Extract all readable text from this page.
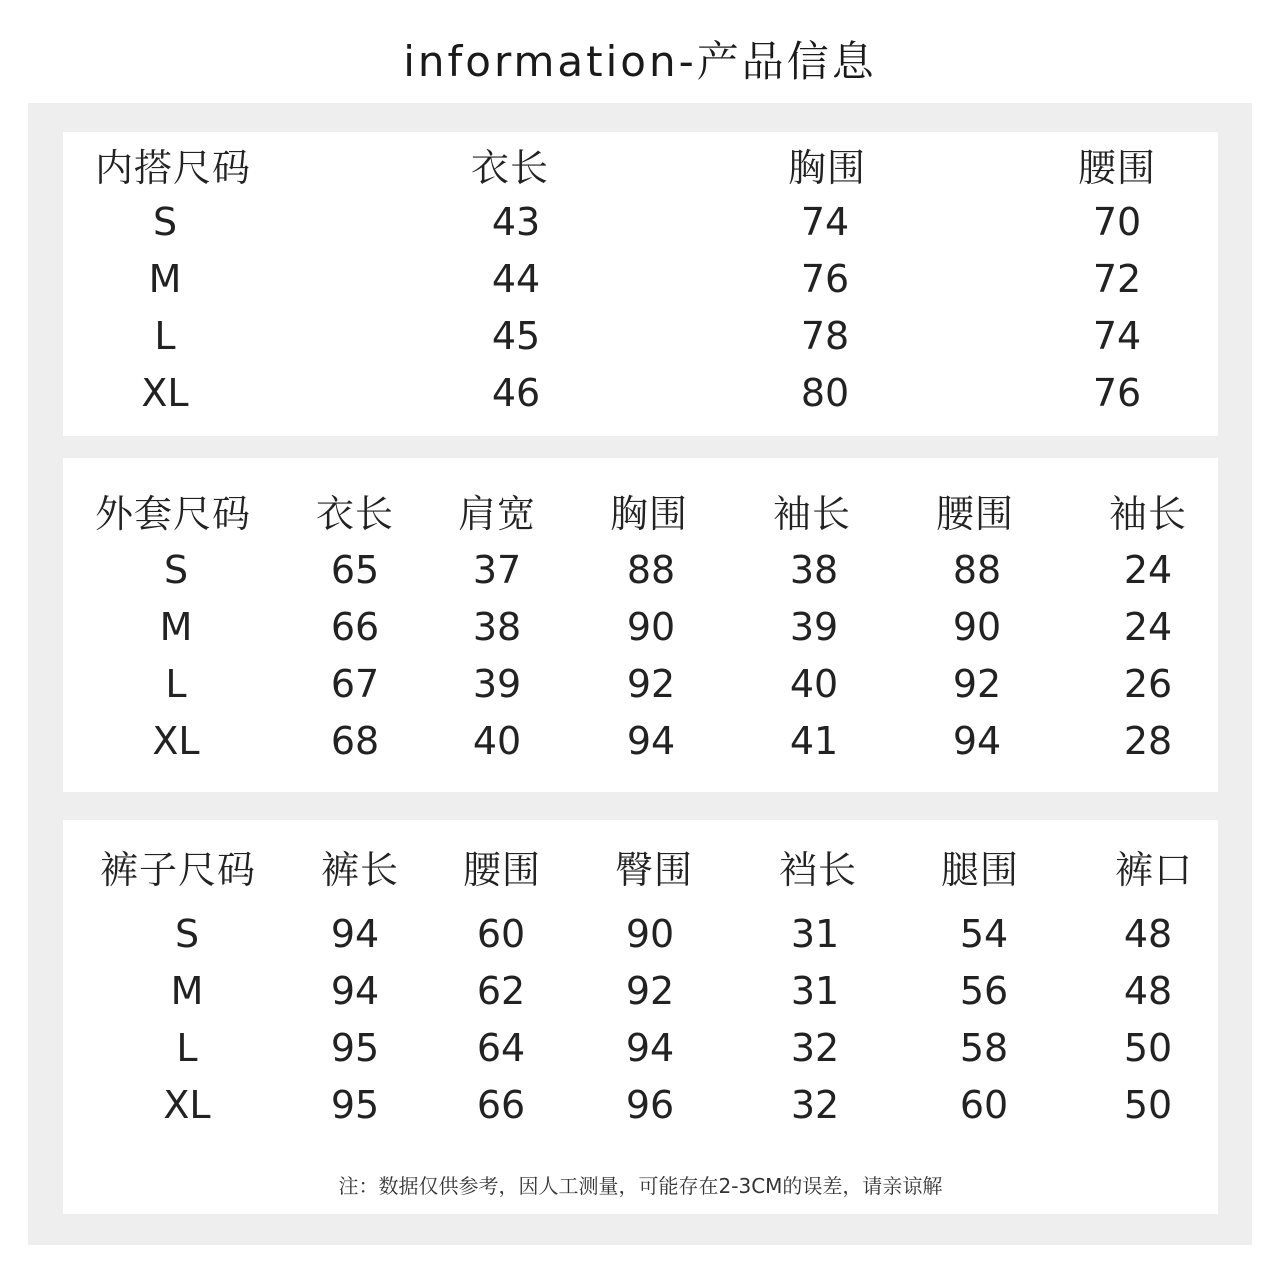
information-产品信息
内搭尺码	衣长	胸围	腰围
S	43	74	70
M	44	76	72
L	45	78	74
XL	46	80	76
外套尺码 衣长 肩宽 胸围 袖长 腰围 袖长
S	65 37	88	38	88	24
M	66 38	90	39	90	24
L	67 39	92	40	92	26
XL	68 40	94	41	94	28
裤子尺码 裤长 腰围 臀围 裆长 腿围	裤口
S	94	60	90	31	54	48
M	94	62	92	31	56	48
L	95	64	94	32	58	50
XL	95	66	96	32	60	50
注：数据仅供参考，因人工测量，可能存在2-3CM的误差，请亲谅解
